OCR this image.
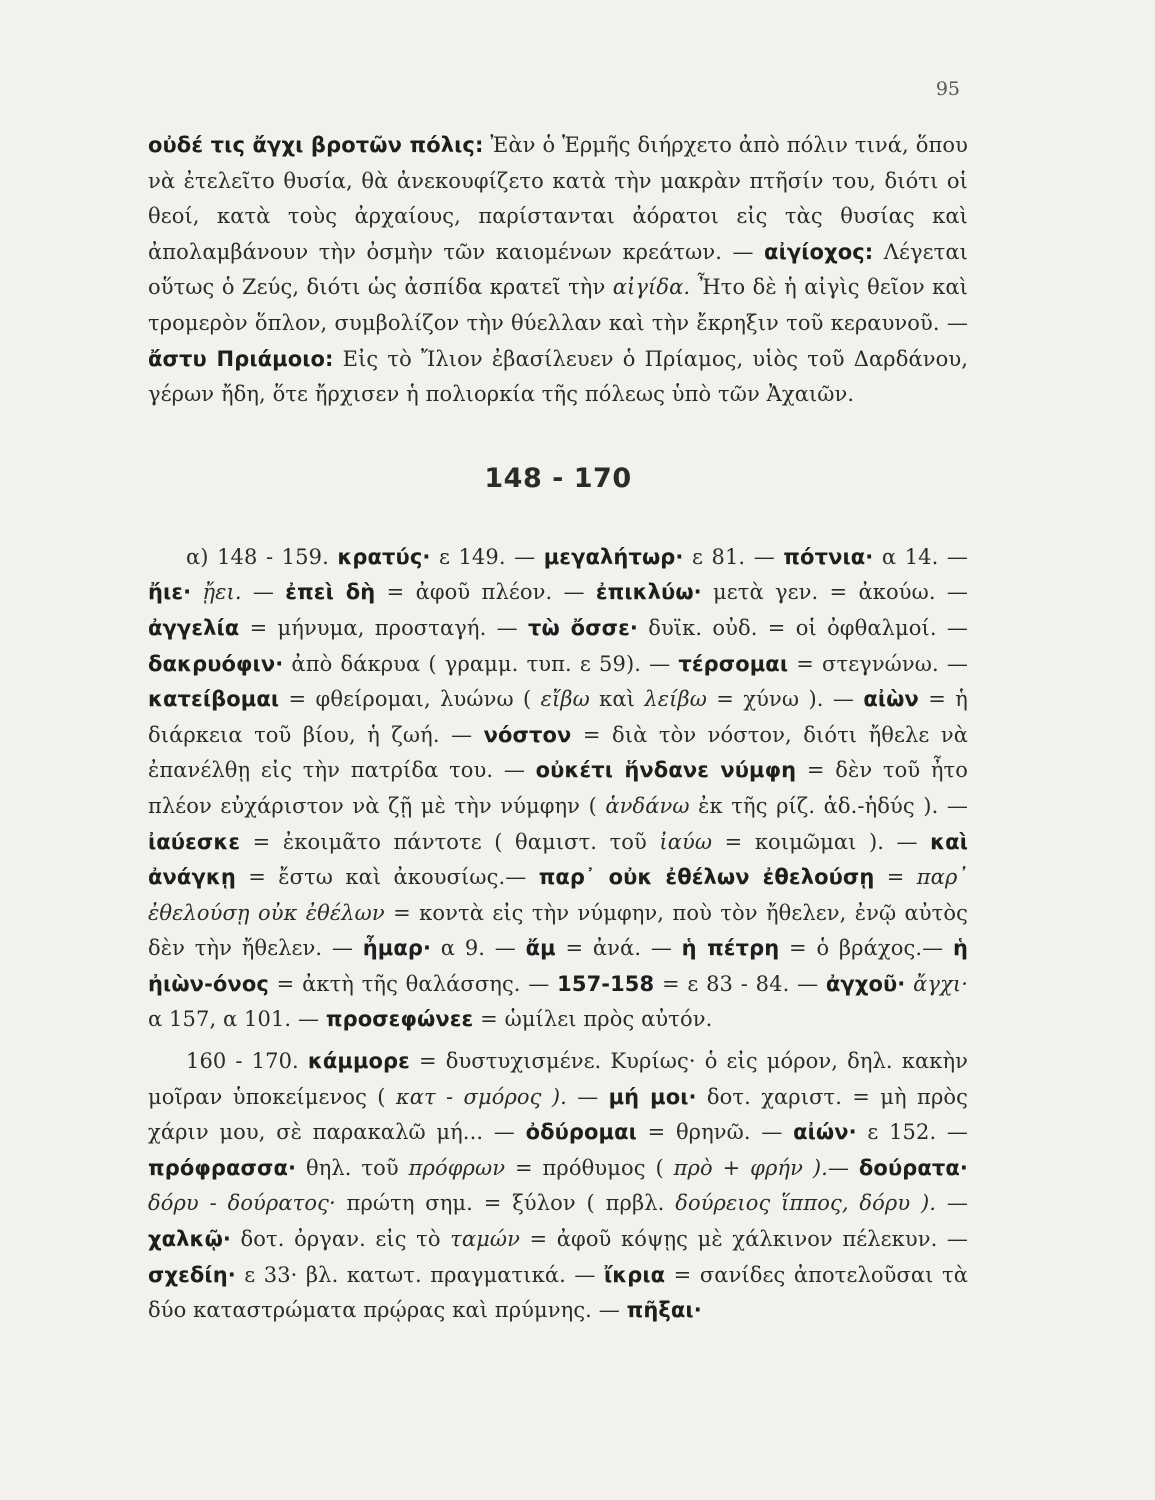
95

οὐδέ τις ἄγχι βροτῶν πόλις: Ἐὰν ὁ Ἑρμῆς διήρχετο ἀπὸ πόλιν τινά, ὅπου νὰ ἐτελεῖτο θυσία, θὰ ἀνεκουφίζετο κατὰ τὴν μακρὰν πτῆσίν του, διότι οἱ θεοί, κατὰ τοὺς ἀρχαίους, παρίστανται ἀόρατοι εἰς τὰς θυσίας καὶ ἀπολαμβάνουν τὴν ὀσμὴν τῶν καιομένων κρεάτων. — αἰγίοχος: Λέγεται οὕτως ὁ Ζεύς, διότι ὡς ἀσπίδα κρατεῖ τὴν αἰγίδα. Ἦτο δὲ ἡ αἰγὶς θεῖον καὶ τρομερὸν ὅπλον, συμβολίζον τὴν θύελλαν καὶ τὴν ἔκρηξιν τοῦ κεραυνοῦ. — ἄστυ Πριάμοιο: Εἰς τὸ Ἴλιον ἐβασίλευεν ὁ Πρίαμος, υἱὸς τοῦ Δαρδάνου, γέρων ἤδη, ὅτε ἤρχισεν ἡ πολιορκία τῆς πόλεως ὑπὸ τῶν Ἀχαιῶν.

148 - 170

α) 148 - 159. κρατύς· ε 149. — μεγαλήτωρ· ε 81. — πότνια· α 14. — ἤιε· ᾔει. — ἐπεὶ δὴ = ἀφοῦ πλέον. — ἐπικλύω· μετὰ γεν. = ἀκούω. — ἀγγελία = μήνυμα, προσταγή. — τὼ ὄσσε· δυϊκ. οὐδ. = οἱ ὀφθαλμοί. — δακρυόφιν· ἀπὸ δάκρυα ( γραμμ. τυπ. ε 59). — τέρσομαι = στεγνώνω. — κατείβομαι = φθείρομαι, λυώνω ( εἴβω καὶ λείβω = χύνω ). — αἰὼν = ἡ διάρκεια τοῦ βίου, ἡ ζωή. — νόστον = διὰ τὸν νόστον, διότι ἤθελε νὰ ἐπανέλθῃ εἰς τὴν πατρίδα του. — οὐκέτι ἥνδανε νύμφη = δὲν τοῦ ἦτο πλέον εὐχάριστον νὰ ζῇ μὲ τὴν νύμφην ( ἁνδάνω ἐκ τῆς ρίζ. ἁδ.-ἡδύς ). — ἰαύεσκε = ἐκοιμᾶτο πάντοτε ( θαμιστ. τοῦ ἰαύω = κοιμῶμαι ). — καὶ ἀνάγκῃ = ἔστω καὶ ἀκουσίως.— παρ᾽ οὐκ ἐθέλων ἐθελούσῃ = παρ᾽ ἐθελούσῃ οὐκ ἐθέλων = κοντὰ εἰς τὴν νύμφην, ποὺ τὸν ἤθελεν, ἐνῷ αὐτὸς δὲν τὴν ἤθελεν. — ἦμαρ· α 9. — ἄμ = ἀνά. — ἡ πέτρη = ὁ βράχος.— ἡ ἠιὼν-όνος = ἀκτὴ τῆς θαλάσσης. — 157-158 = ε 83 - 84. — ἀγχοῦ· ἄγχι· α 157, α 101. — προσεφώνεε = ὡμίλει πρὸς αὐτόν.

160 - 170. κάμμορε = δυστυχισμένε. Κυρίως· ὁ εἰς μόρον, δηλ. κακὴν μοῖραν ὑποκείμενος ( κατ - σμόρος ). — μή μοι· δοτ. χαριστ. = μὴ πρὸς χάριν μου, σὲ παρακαλῶ μή... — ὀδύρομαι = θρηνῶ. — αἰών· ε 152. — πρόφρασσα· θηλ. τοῦ πρόφρων = πρόθυμος ( πρὸ + φρήν ).— δούρατα· δόρυ - δούρατος· πρώτη σημ. = ξύλον ( πρβλ. δούρειος ἵππος, δόρυ ). — χαλκῷ· δοτ. ὀργαν. εἰς τὸ ταμών = ἀφοῦ κόψῃς μὲ χάλκινον πέλεκυν. — σχεδίη· ε 33· βλ. κατωτ. πραγματικά. — ἴκρια = σανίδες ἀποτελοῦσαι τὰ δύο καταστρώματα πρῴρας καὶ πρύμνης. — πῆξαι·
